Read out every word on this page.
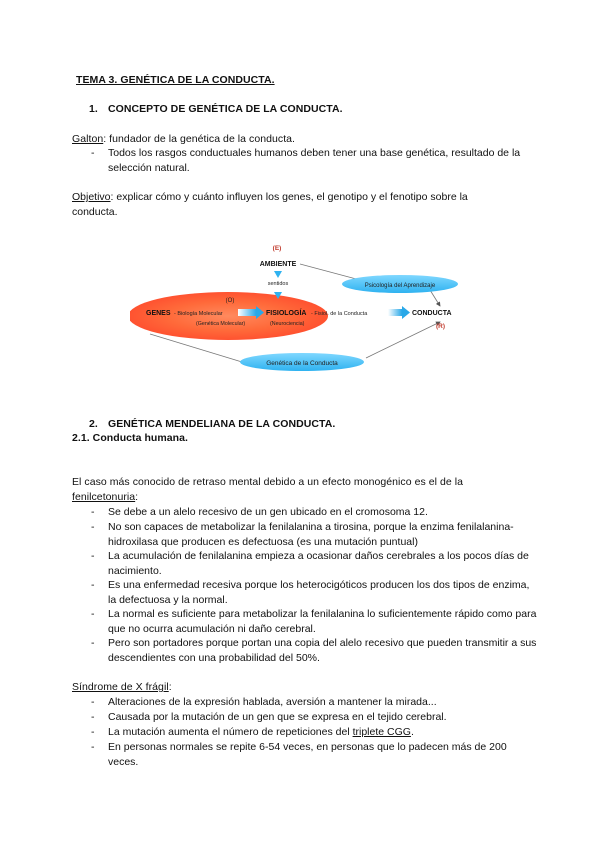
TEMA 3. GENÉTICA DE LA CONDUCTA.
1. CONCEPTO DE GENÉTICA DE LA CONDUCTA.
Galton: fundador de la genética de la conducta.
- Todos los rasgos conductuales humanos deben tener una base genética, resultado de la selección natural.
Objetivo: explicar cómo y cuánto influyen los genes, el genotipo y el fenotipo sobre la conducta.
Psicología del Aprendizaje
Genética de la Conducta
(E)
AMBIENTE
sentidos
(O)
GENES - Biología Molecular
(Genética Molecular)
FISIOLOGÍA - Fisiol. de la Conducta
(Neurociencia)
CONDUCTA
(R)
2. GENÉTICA MENDELIANA DE LA CONDUCTA.
2.1. Conducta humana.
El caso más conocido de retraso mental debido a un efecto monogénico es el de la
fenilcetonuria:
- Se debe a un alelo recesivo de un gen ubicado en el cromosoma 12.
- No son capaces de metabolizar la fenilalanina a tirosina, porque la enzima fenilalanina-hidroxilasa que producen es defectuosa (es una mutación puntual)
- La acumulación de fenilalanina empieza a ocasionar daños cerebrales a los pocos días de nacimiento.
- Es una enfermedad recesiva porque los heterocigóticos producen los dos tipos de enzima, la defectuosa y la normal.
- La normal es suficiente para metabolizar la fenilalanina lo suficientemente rápido como para que no ocurra acumulación ni daño cerebral.
- Pero son portadores porque portan una copia del alelo recesivo que pueden transmitir a sus descendientes con una probabilidad del 50%.
Síndrome de X frágil:
- Alteraciones de la expresión hablada, aversión a mantener la mirada...
- Causada por la mutación de un gen que se expresa en el tejido cerebral.
- La mutación aumenta el número de repeticiones del triplete CGG.
- En personas normales se repite 6-54 veces, en personas que lo padecen más de 200 veces.
